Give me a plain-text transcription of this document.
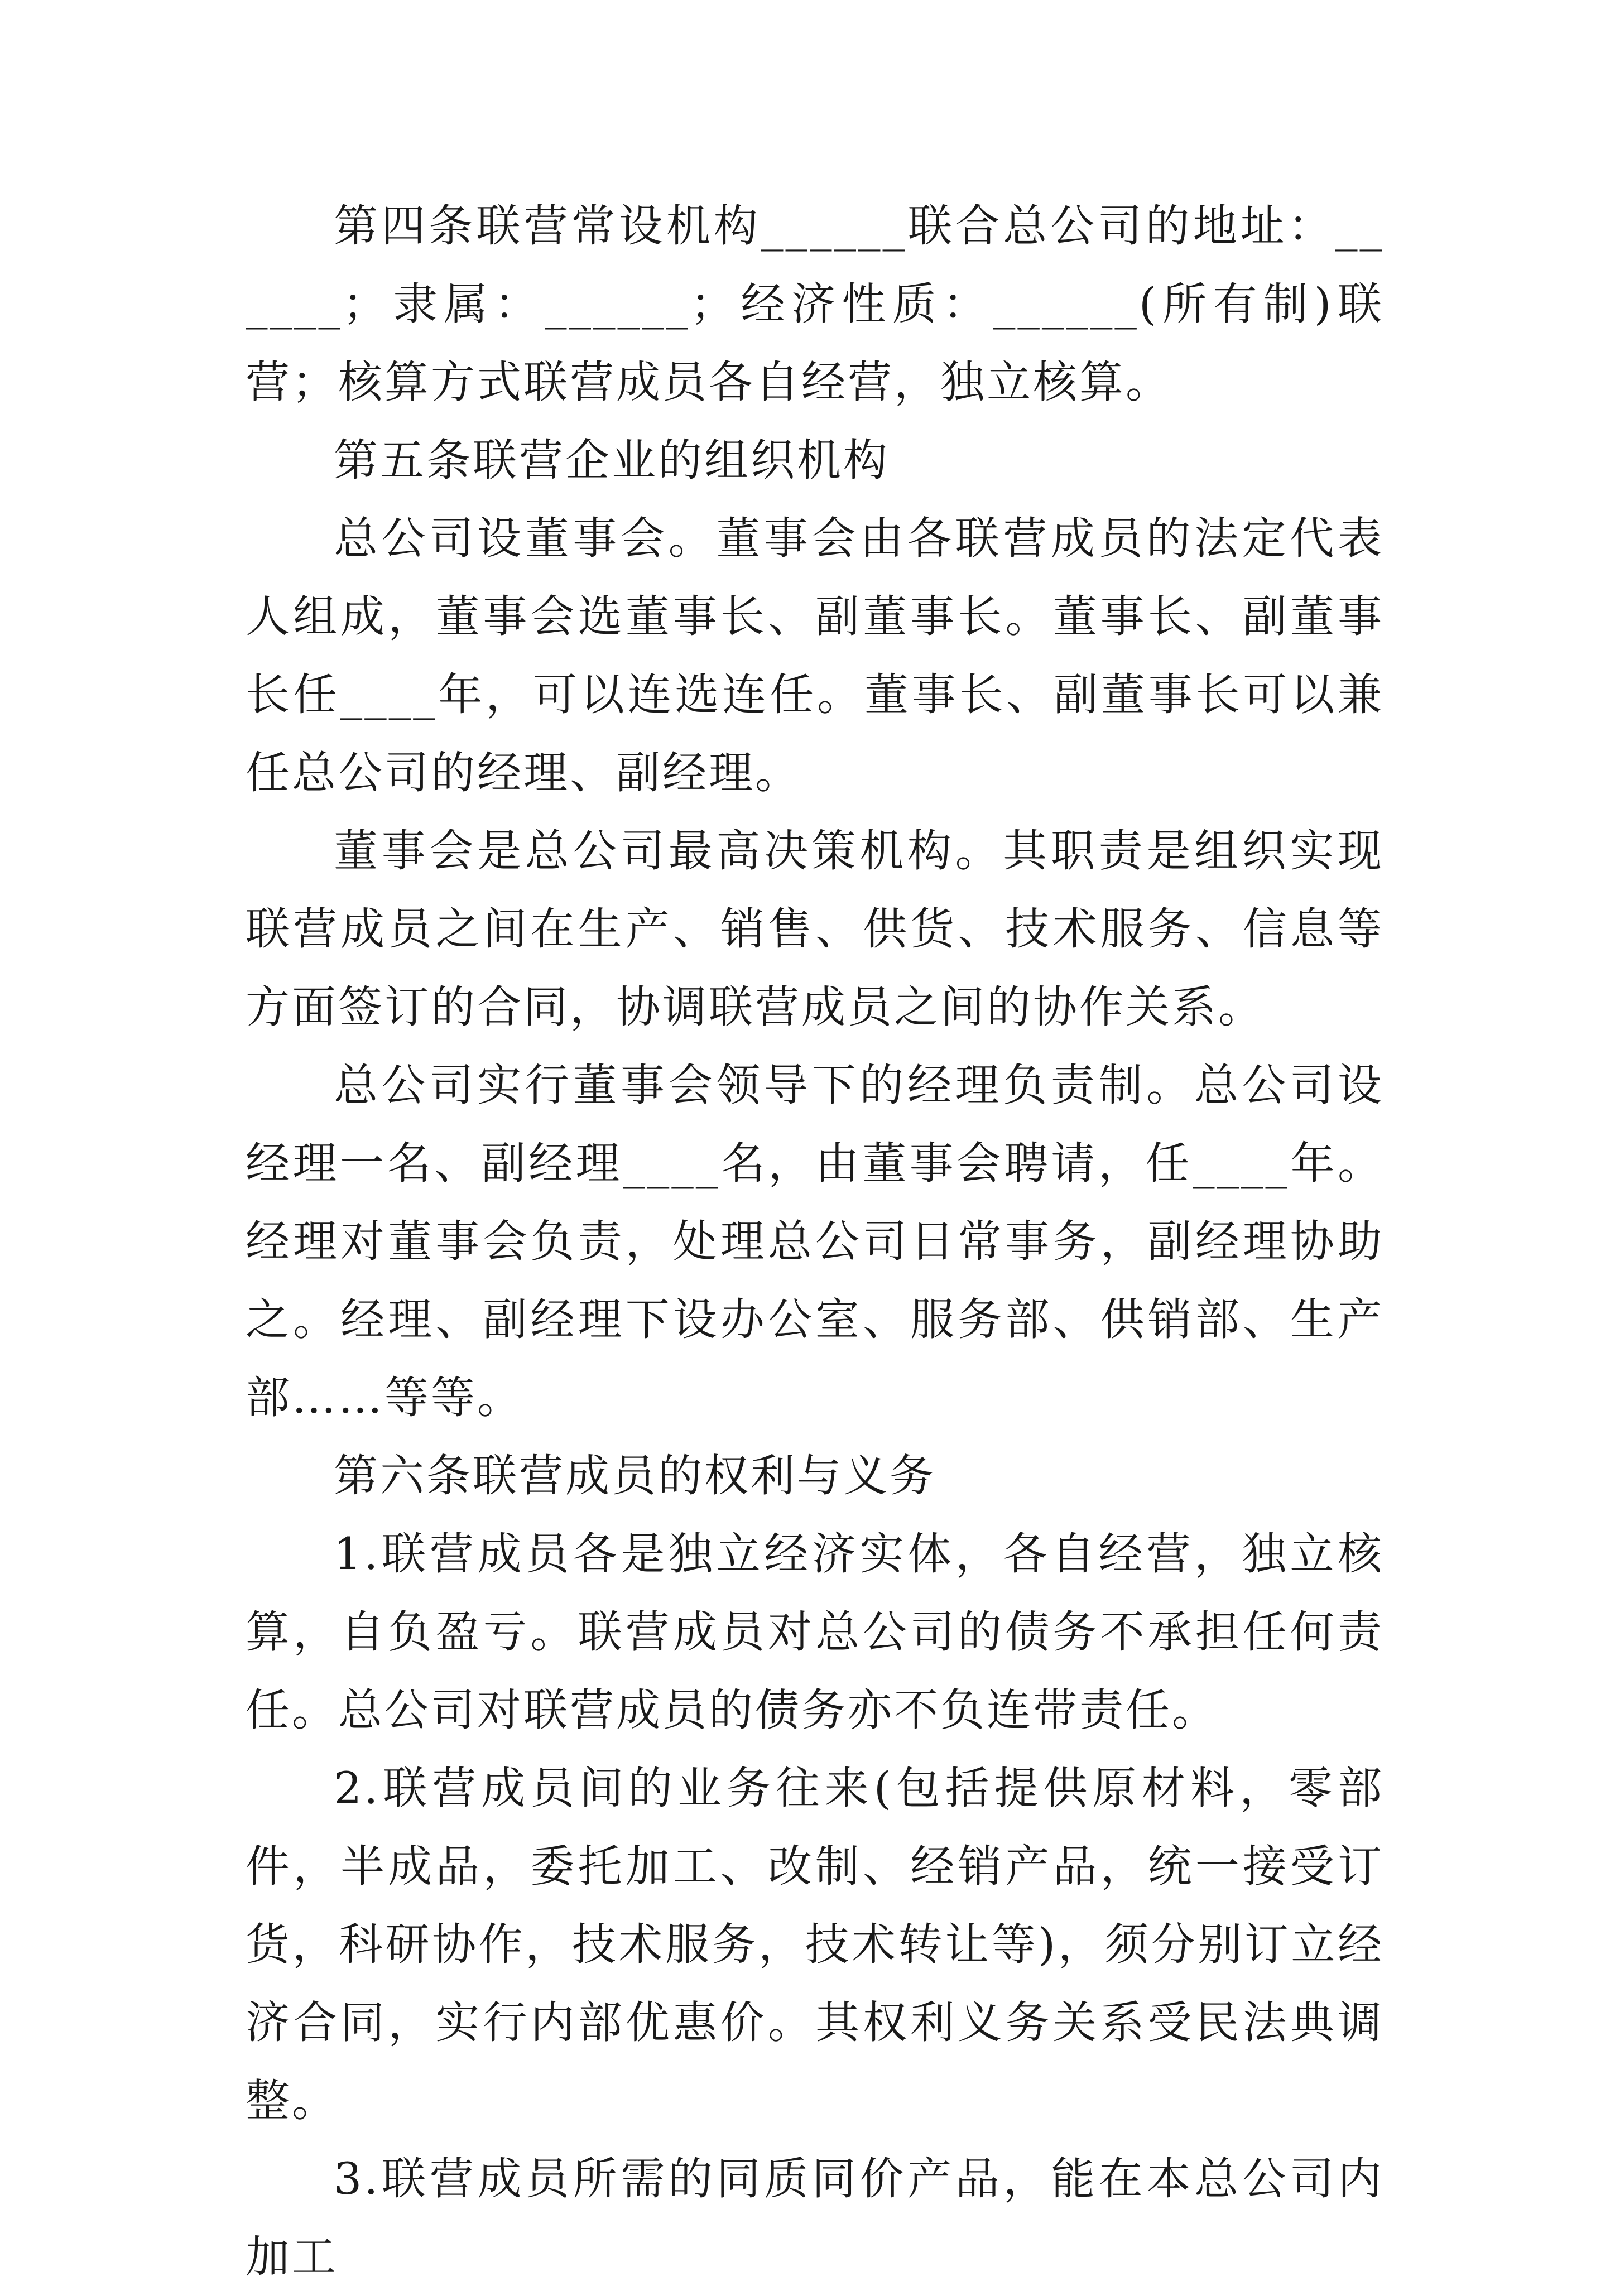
第四条联营常设机构______联合总公司的地址：______；隶属：______；经济性质：______(所有制)联营；核算方式联营成员各自经营，独立核算。

第五条联营企业的组织机构

总公司设董事会。董事会由各联营成员的法定代表人组成，董事会选董事长、副董事长。董事长、副董事长任____年，可以连选连任。董事长、副董事长可以兼任总公司的经理、副经理。

董事会是总公司最高决策机构。其职责是组织实现联营成员之间在生产、销售、供货、技术服务、信息等方面签订的合同，协调联营成员之间的协作关系。

总公司实行董事会领导下的经理负责制。总公司设经理一名、副经理____名，由董事会聘请，任____年。经理对董事会负责，处理总公司日常事务，副经理协助之。经理、副经理下设办公室、服务部、供销部、生产部……等等。

第六条联营成员的权利与义务

1.联营成员各是独立经济实体，各自经营，独立核算，自负盈亏。联营成员对总公司的债务不承担任何责任。总公司对联营成员的债务亦不负连带责任。

2.联营成员间的业务往来(包括提供原材料，零部件，半成品，委托加工、改制、经销产品，统一接受订货，科研协作，技术服务，技术转让等)，须分别订立经济合同，实行内部优惠价。其权利义务关系受民法典调整。

3.联营成员所需的同质同价产品，能在本总公司内加工
